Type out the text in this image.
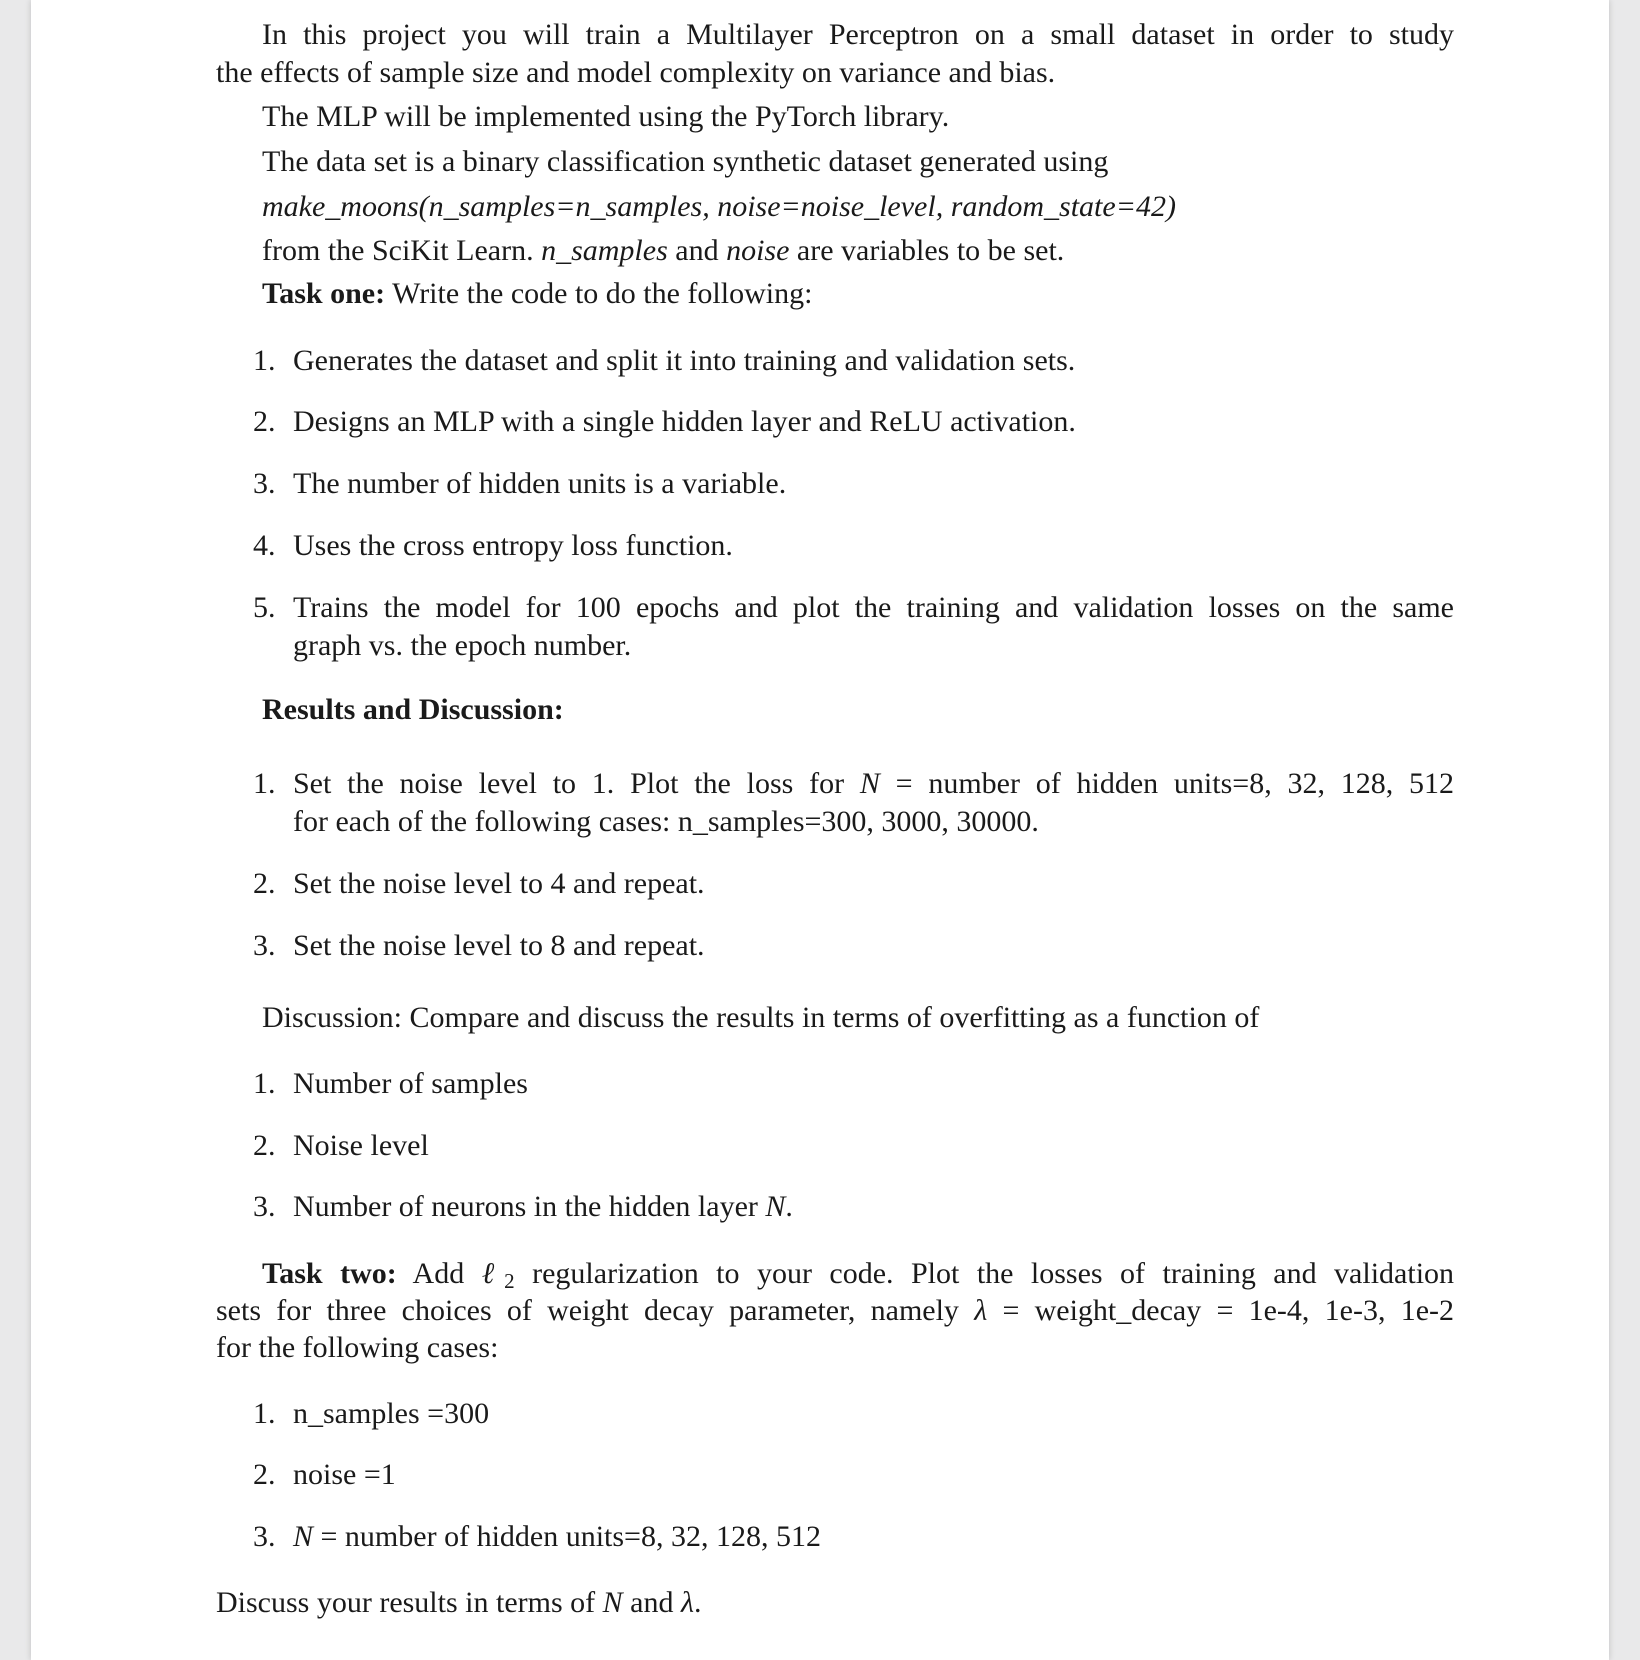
In this project you will train a Multilayer Perceptron on a small dataset in order to study

the effects of sample size and model complexity on variance and bias.

The MLP will be implemented using the PyTorch library.

The data set is a binary classification synthetic dataset generated using

make_moons(n_samples=n_samples, noise=noise_level, random_state=42)

from the SciKit Learn. n_samples and noise are variables to be set.

Task one: Write the code to do the following:

1. Generates the dataset and split it into training and validation sets.

2. Designs an MLP with a single hidden layer and ReLU activation.

3. The number of hidden units is a variable.

4. Uses the cross entropy loss function.

5. Trains the model for 100 epochs and plot the training and validation losses on the same

graph vs. the epoch number.

Results and Discussion:

1. Set the noise level to 1. Plot the loss for N = number of hidden units=8, 32, 128, 512

for each of the following cases: n_samples=300, 3000, 30000.

2. Set the noise level to 4 and repeat.

3. Set the noise level to 8 and repeat.

Discussion: Compare and discuss the results in terms of overfitting as a function of

1. Number of samples

2. Noise level

3. Number of neurons in the hidden layer N.

Task two: Add ℓ$_2$ regularization to your code. Plot the losses of training and validation

sets for three choices of weight decay parameter, namely λ = weight_decay = 1e-4, 1e-3, 1e-2

for the following cases:

1. n_samples =300

2. noise =1

3. N = number of hidden units=8, 32, 128, 512

Discuss your results in terms of N and λ.
